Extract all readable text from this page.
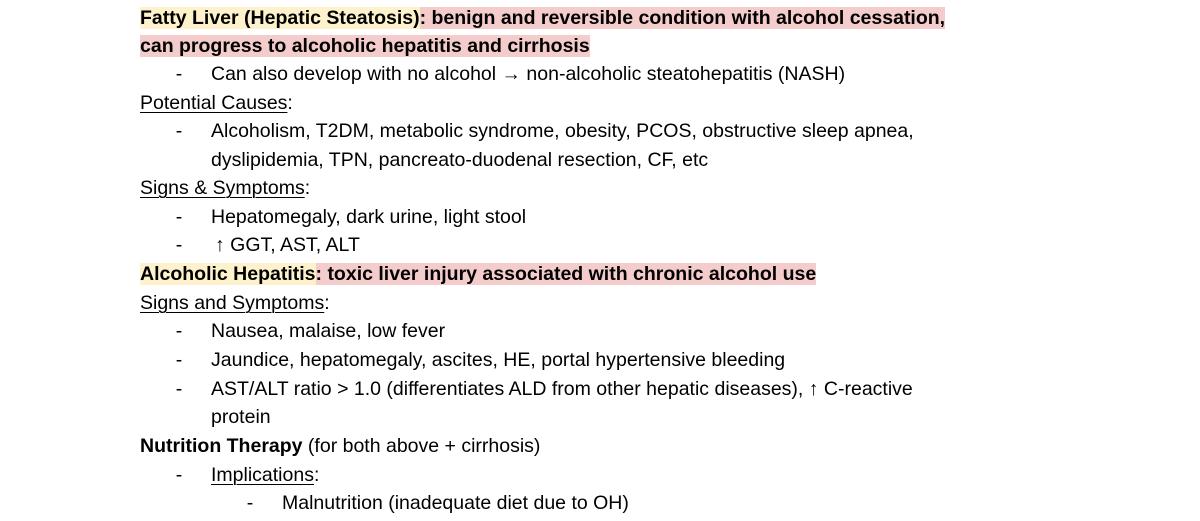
Fatty Liver (Hepatic Steatosis): benign and reversible condition with alcohol cessation,
can progress to alcoholic hepatitis and cirrhosis
- Can also develop with no alcohol → non-alcoholic steatohepatitis (NASH)
Potential Causes:
- Alcoholism, T2DM, metabolic syndrome, obesity, PCOS, obstructive sleep apnea,
dyslipidemia, TPN, pancreato-duodenal resection, CF, etc
Signs & Symptoms:
- Hepatomegaly, dark urine, light stool
- ↑ GGT, AST, ALT
Alcoholic Hepatitis: toxic liver injury associated with chronic alcohol use
Signs and Symptoms:
- Nausea, malaise, low fever
- Jaundice, hepatomegaly, ascites, HE, portal hypertensive bleeding
- AST/ALT ratio > 1.0 (differentiates ALD from other hepatic diseases), ↑ C-reactive
protein
Nutrition Therapy (for both above + cirrhosis)
- Implications:
- Malnutrition (inadequate diet due to OH)
